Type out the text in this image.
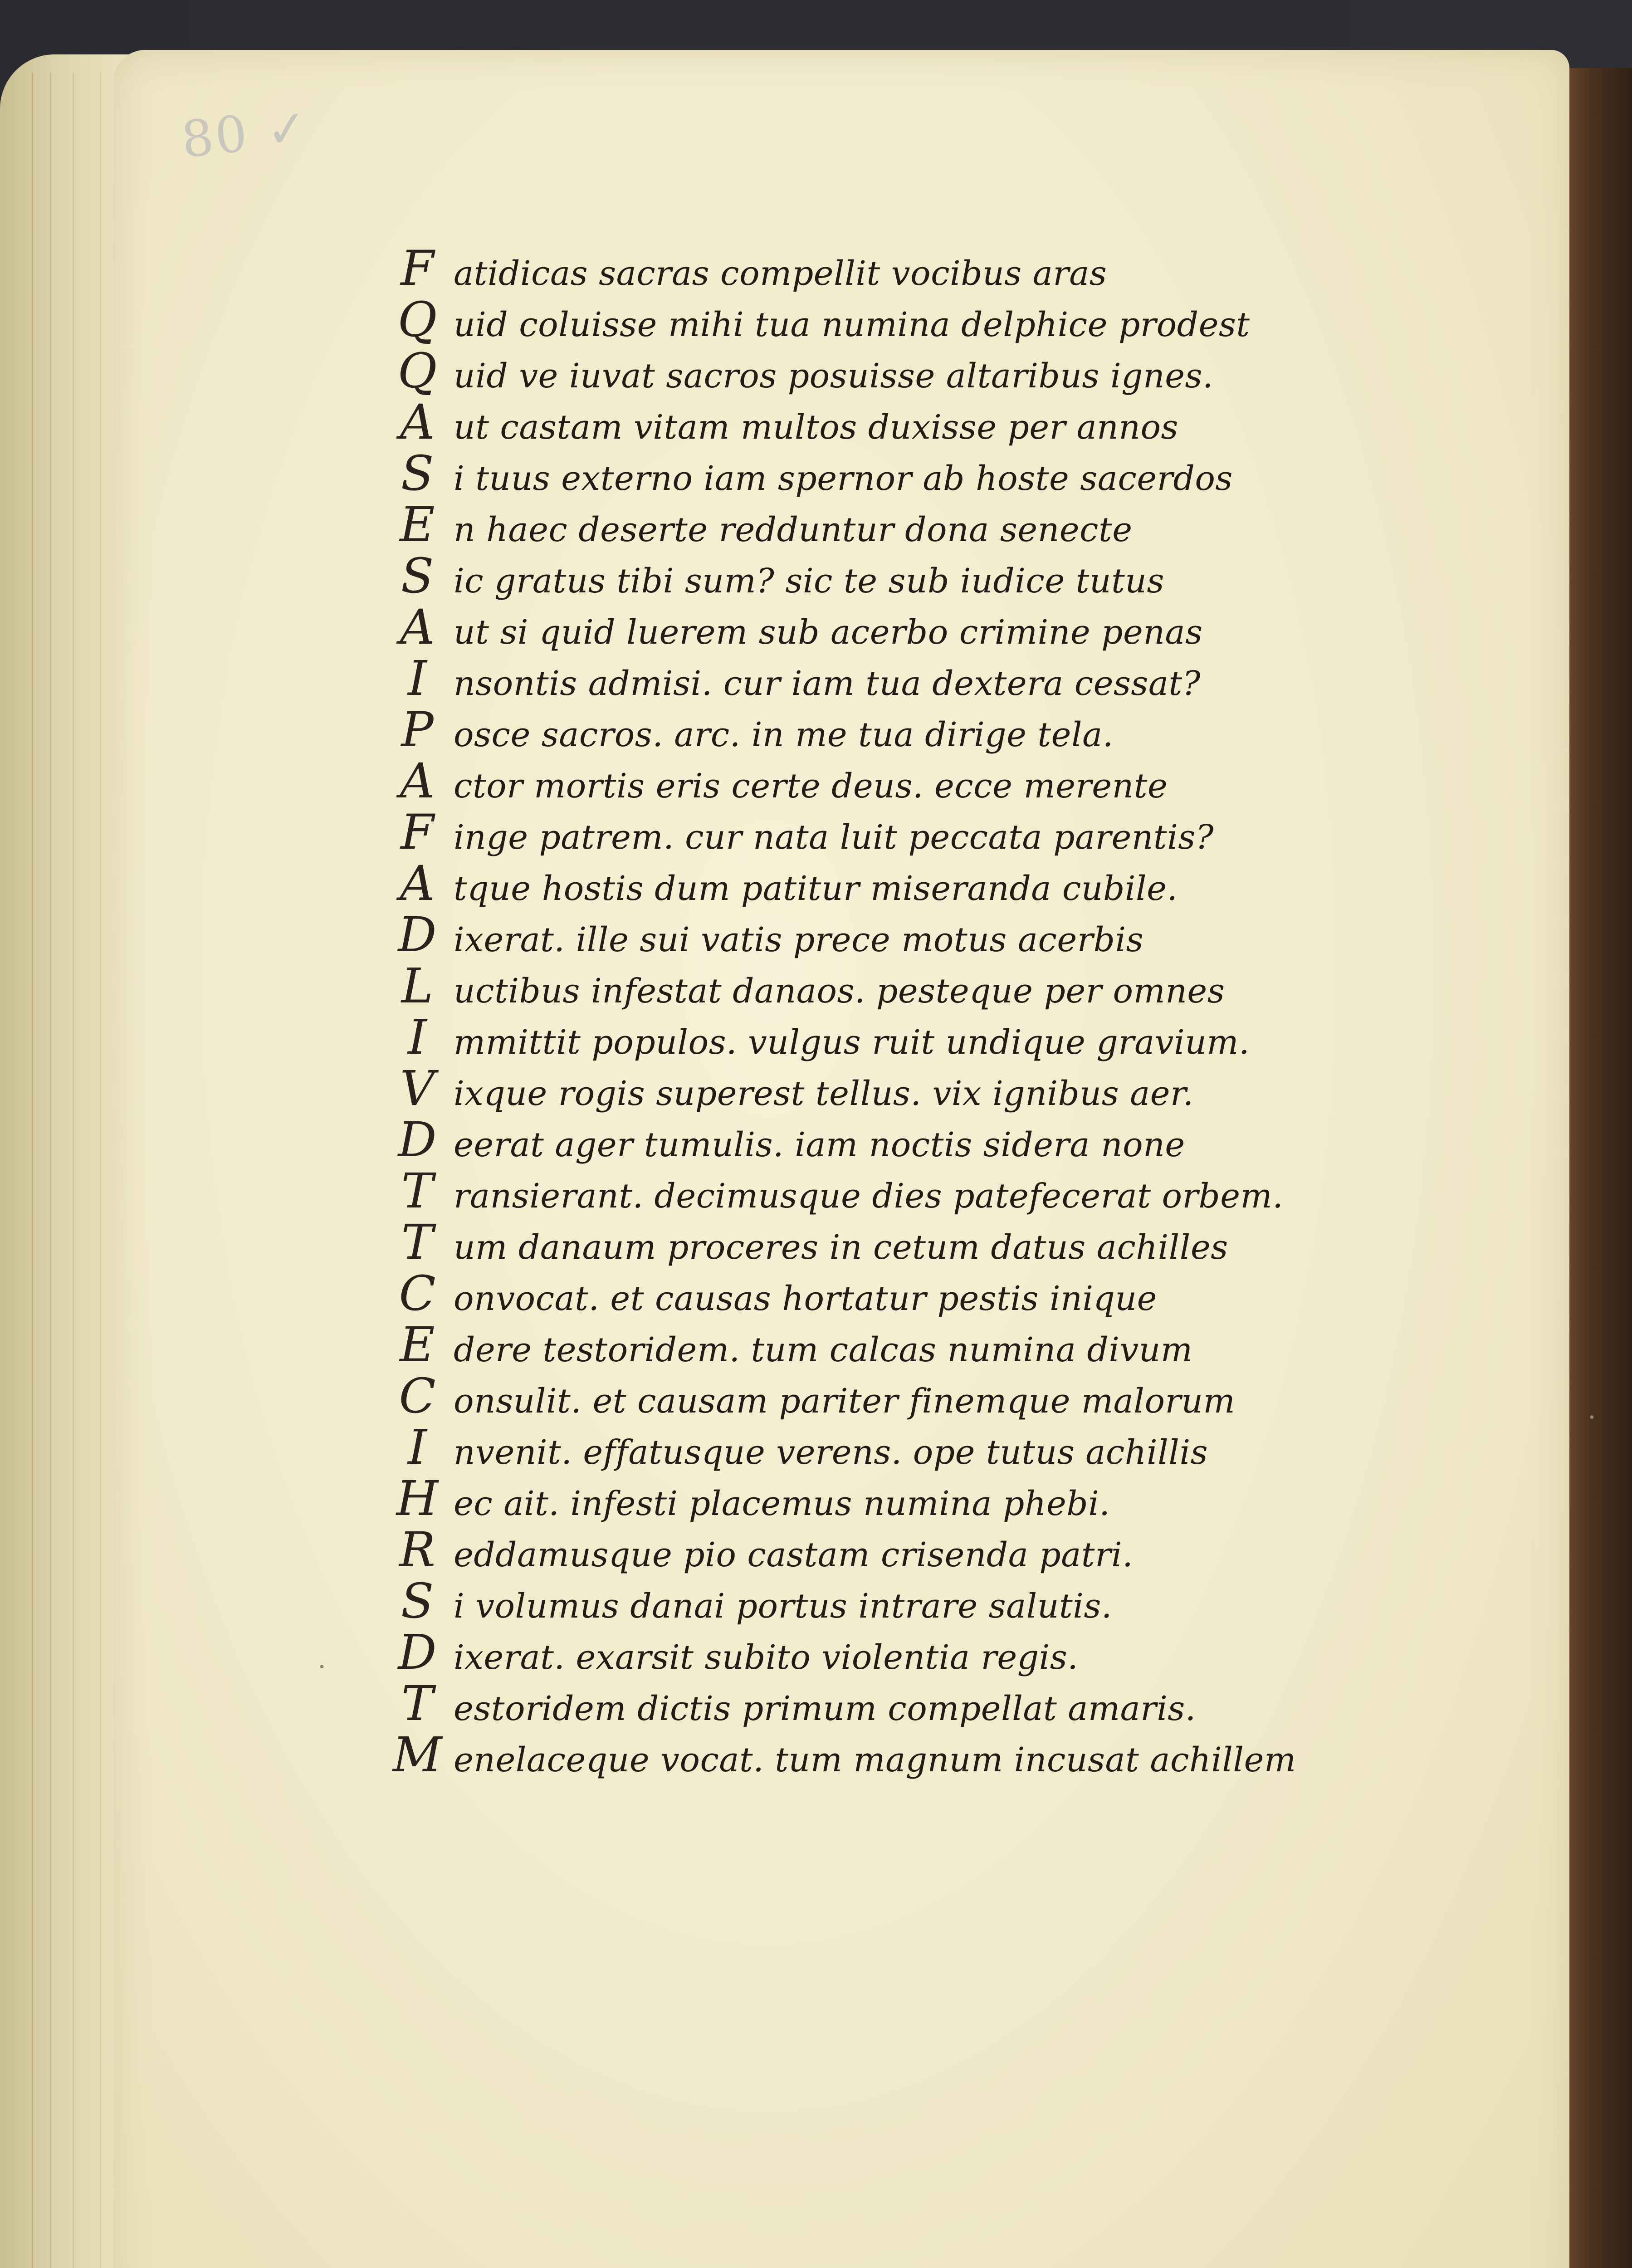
80 ✓
F atidicas sacras compellit vocibus aras
Q uid coluisse mihi tua numina delphice prodest
Q uid ve iuvat sacros posuisse altaribus ignes.
A ut castam vitam multos duxisse per annos
S i tuus externo iam spernor ab hoste sacerdos
E n haec deserte redduntur dona senecte
S ic gratus tibi sum? sic te sub iudice tutus
A ut si quid luerem sub acerbo crimine penas
I nsontis admisi. cur iam tua dextera cessat?
P osce sacros. arc. in me tua dirige tela.
A ctor mortis eris certe deus. ecce merente
F inge patrem. cur nata luit peccata parentis?
A tque hostis dum patitur miseranda cubile.
D ixerat. ille sui vatis prece motus acerbis
L uctibus infestat danaos. pesteque per omnes
I mmittit populos. vulgus ruit undique gravium.
V ixque rogis superest tellus. vix ignibus aer.
D eerat ager tumulis. iam noctis sidera none
T ransierant. decimusque dies patefecerat orbem.
T um danaum proceres in cetum datus achilles
C onvocat. et causas hortatur pestis inique
E dere testoridem. tum calcas numina divum
C onsulit. et causam pariter finemque malorum
I nvenit. effatusque verens. ope tutus achillis
H ec ait. infesti placemus numina phebi.
R eddamusque pio castam crisenda patri.
S i volumus danai portus intrare salutis.
D ixerat. exarsit subito violentia regis.
T estoridem dictis primum compellat amaris.
M enelaceque vocat. tum magnum incusat achillem
·
·
